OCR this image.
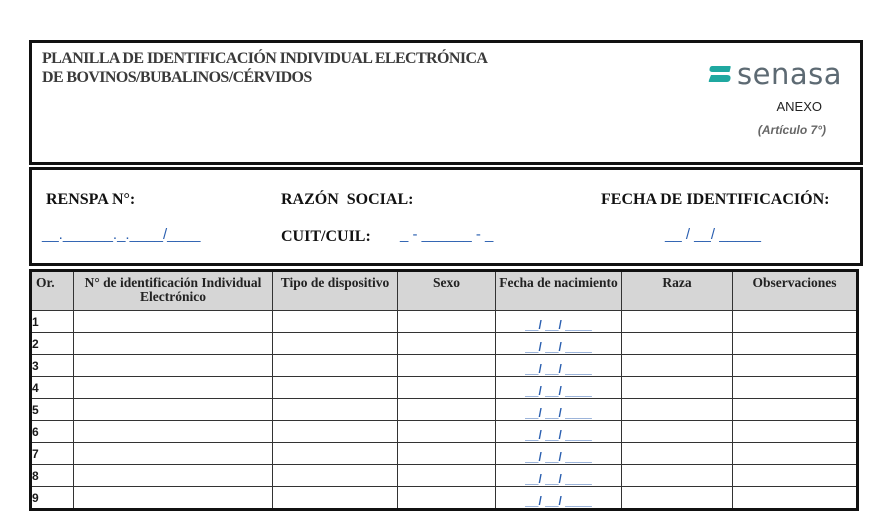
PLANILLA DE IDENTIFICACIÓN INDIVIDUAL ELECTRÓNICA
DE BOVINOS/BUBALINOS/CÉRVIDOS	senasa
ANEXO
(Artículo 7°)
RENSPA N°:	RAZÓN  SOCIAL:	FECHA DE IDENTIFICACIÓN:
__.______._.____/____	CUIT/CUIL: _ - ______ - _	__ / __/ _____
Or.	N° de identificación Individual Electrónico	Tipo de dispositivo	Sexo	Fecha de nacimiento	Raza	Observaciones
1				__/ __/ ____		
2				__/ __/ ____		
3				__/ __/ ____		
4				__/ __/ ____		
5				__/ __/ ____		
6				__/ __/ ____		
7				__/ __/ ____		
8				__/ __/ ____		
9				__/ __/ ____		
